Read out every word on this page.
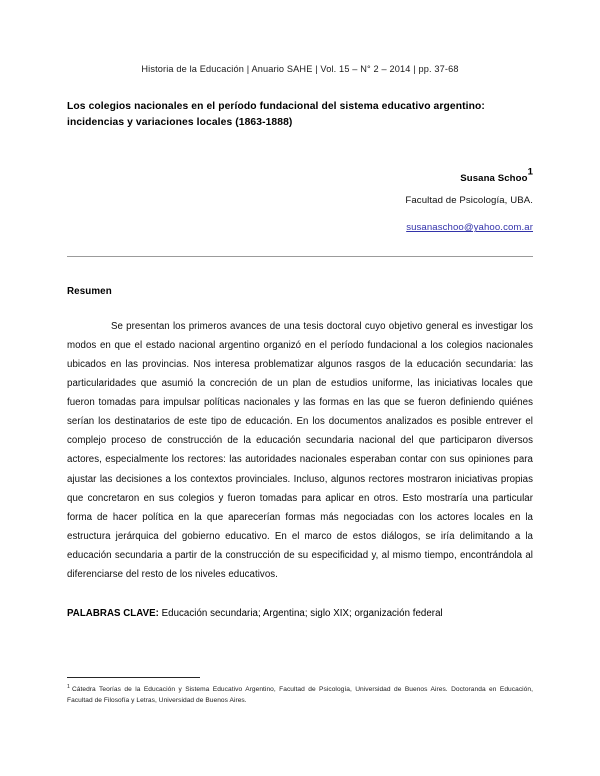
Historia de la Educación | Anuario SAHE | Vol. 15 – N° 2 – 2014 | pp. 37-68
Los colegios nacionales en el período fundacional del sistema educativo argentino: incidencias y variaciones locales (1863-1888)
Susana Schoo$^1$
Facultad de Psicología, UBA.
susanaschoo@yahoo.com.ar
Resumen

Se presentan los primeros avances de una tesis doctoral cuyo objetivo general es investigar los modos en que el estado nacional argentino organizó en el período fundacional a los colegios nacionales ubicados en las provincias. Nos interesa problematizar algunos rasgos de la educación secundaria: las particularidades que asumió la concreción de un plan de estudios uniforme, las iniciativas locales que fueron tomadas para impulsar políticas nacionales y las formas en las que se fueron definiendo quiénes serían los destinatarios de este tipo de educación. En los documentos analizados es posible entrever el complejo proceso de construcción de la educación secundaria nacional del que participaron diversos actores, especialmente los rectores: las autoridades nacionales esperaban contar con sus opiniones para ajustar las decisiones a los contextos provinciales. Incluso, algunos rectores mostraron iniciativas propias que concretaron en sus colegios y fueron tomadas para aplicar en otros. Esto mostraría una particular forma de hacer política en la que aparecerían formas más negociadas con los actores locales en la estructura jerárquica del gobierno educativo. En el marco de estos diálogos, se iría delimitando a la educación secundaria a partir de la construcción de su especificidad y, al mismo tiempo, encontrándola al diferenciarse del resto de los niveles educativos.

PALABRAS CLAVE: Educación secundaria; Argentina; siglo XIX; organización federal

$^1$ Cátedra Teorías de la Educación y Sistema Educativo Argentino, Facultad de Psicología, Universidad de Buenos Aires. Doctoranda en Educación, Facultad de Filosofía y Letras, Universidad de Buenos Aires.
